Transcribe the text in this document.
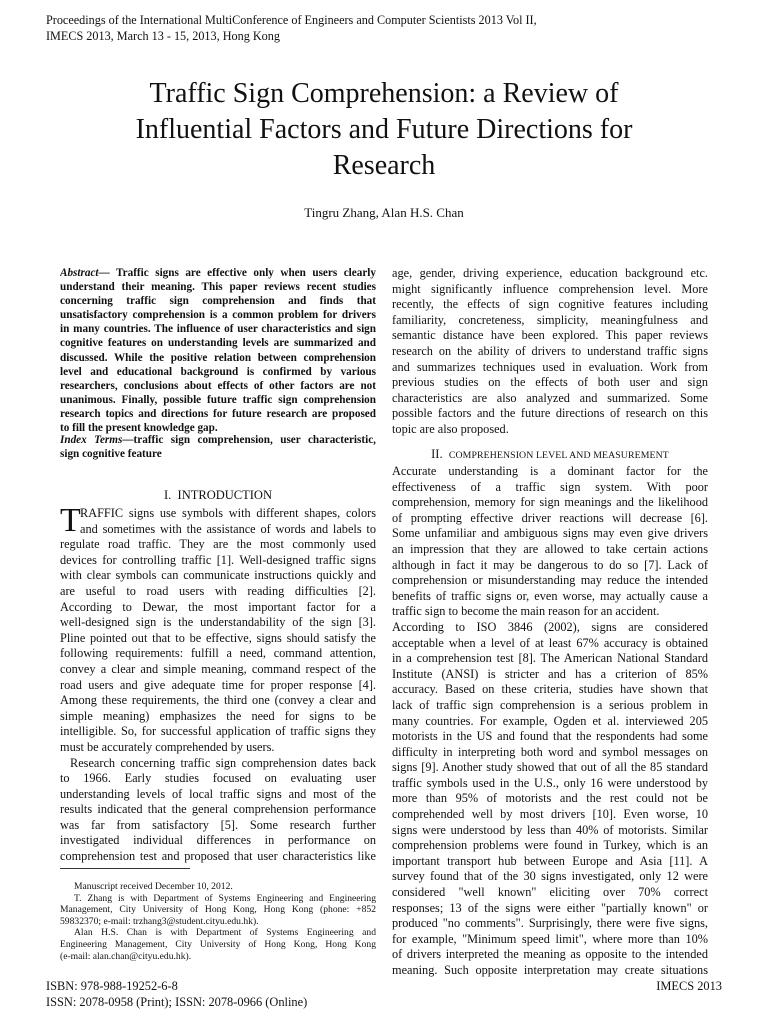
Proceedings of the International MultiConference of Engineers and Computer Scientists 2013 Vol II,
IMECS 2013, March 13 - 15, 2013, Hong Kong
Traffic Sign Comprehension: a Review of
Influential Factors and Future Directions for
Research
Tingru Zhang, Alan H.S. Chan
Abstract— Traffic signs are effective only when users clearly
understand their meaning. This paper reviews recent studies
concerning traffic sign comprehension and finds that
unsatisfactory comprehension is a common problem for drivers
in many countries. The influence of user characteristics and sign
cognitive features on understanding levels are summarized and
discussed. While the positive relation between comprehension
level and educational background is confirmed by various
researchers, conclusions about effects of other factors are not
unanimous. Finally, possible future traffic sign comprehension
research topics and directions for future research are proposed
to fill the present knowledge gap.
Index Terms—traffic sign comprehension, user characteristic,
sign cognitive feature
I. INTRODUCTION
T RAFFIC signs use symbols with different shapes, colors
and sometimes with the assistance of words and labels to
regulate road traffic. They are the most commonly used
devices for controlling traffic [1]. Well-designed traffic signs
with clear symbols can communicate instructions quickly and
are useful to road users with reading difficulties [2].
According to Dewar, the most important factor for a
well-designed sign is the understandability of the sign [3].
Pline pointed out that to be effective, signs should satisfy the
following requirements: fulfill a need, command attention,
convey a clear and simple meaning, command respect of the
road users and give adequate time for proper response [4].
Among these requirements, the third one (convey a clear and
simple meaning) emphasizes the need for signs to be
intelligible. So, for successful application of traffic signs they
must be accurately comprehended by users.
Research concerning traffic sign comprehension dates back
to 1966. Early studies focused on evaluating user
understanding levels of local traffic signs and most of the
results indicated that the general comprehension performance
was far from satisfactory [5]. Some research further
investigated individual differences in performance on
comprehension test and proposed that user characteristics like
Manuscript received December 10, 2012.
T. Zhang is with Department of Systems Engineering and Engineering
Management, City University of Hong Kong, Hong Kong (phone: +852
59832370; e-mail: trzhang3@student.cityu.edu.hk).
Alan H.S. Chan is with Department of Systems Engineering and
Engineering Management, City University of Hong Kong, Hong Kong
(e-mail: alan.chan@cityu.edu.hk).
age, gender, driving experience, education background etc.
might significantly influence comprehension level. More
recently, the effects of sign cognitive features including
familiarity, concreteness, simplicity, meaningfulness and
semantic distance have been explored. This paper reviews
research on the ability of drivers to understand traffic signs
and summarizes techniques used in evaluation. Work from
previous studies on the effects of both user and sign
characteristics are also analyzed and summarized. Some
possible factors and the future directions of research on this
topic are also proposed.
II. COMPREHENSION LEVEL AND MEASUREMENT
Accurate understanding is a dominant factor for the
effectiveness of a traffic sign system. With poor
comprehension, memory for sign meanings and the likelihood
of prompting effective driver reactions will decrease [6].
Some unfamiliar and ambiguous signs may even give drivers
an impression that they are allowed to take certain actions
although in fact it may be dangerous to do so [7]. Lack of
comprehension or misunderstanding may reduce the intended
benefits of traffic signs or, even worse, may actually cause a
traffic sign to become the main reason for an accident.
According to ISO 3846 (2002), signs are considered
acceptable when a level of at least 67% accuracy is obtained
in a comprehension test [8]. The American National Standard
Institute (ANSI) is stricter and has a criterion of 85%
accuracy. Based on these criteria, studies have shown that
lack of traffic sign comprehension is a serious problem in
many countries. For example, Ogden et al. interviewed 205
motorists in the US and found that the respondents had some
difficulty in interpreting both word and symbol messages on
signs [9]. Another study showed that out of all the 85 standard
traffic symbols used in the U.S., only 16 were understood by
more than 95% of motorists and the rest could not be
comprehended well by most drivers [10]. Even worse, 10
signs were understood by less than 40% of motorists. Similar
comprehension problems were found in Turkey, which is an
important transport hub between Europe and Asia [11]. A
survey found that of the 30 signs investigated, only 12 were
considered "well known" eliciting over 70% correct
responses; 13 of the signs were either "partially known" or
produced "no comments". Surprisingly, there were five signs,
for example, "Minimum speed limit", where more than 10%
of drivers interpreted the meaning as opposite to the intended
meaning. Such opposite interpretation may create situations
ISBN: 978-988-19252-6-8
ISSN: 2078-0958 (Print); ISSN: 2078-0966 (Online)
IMECS 2013
